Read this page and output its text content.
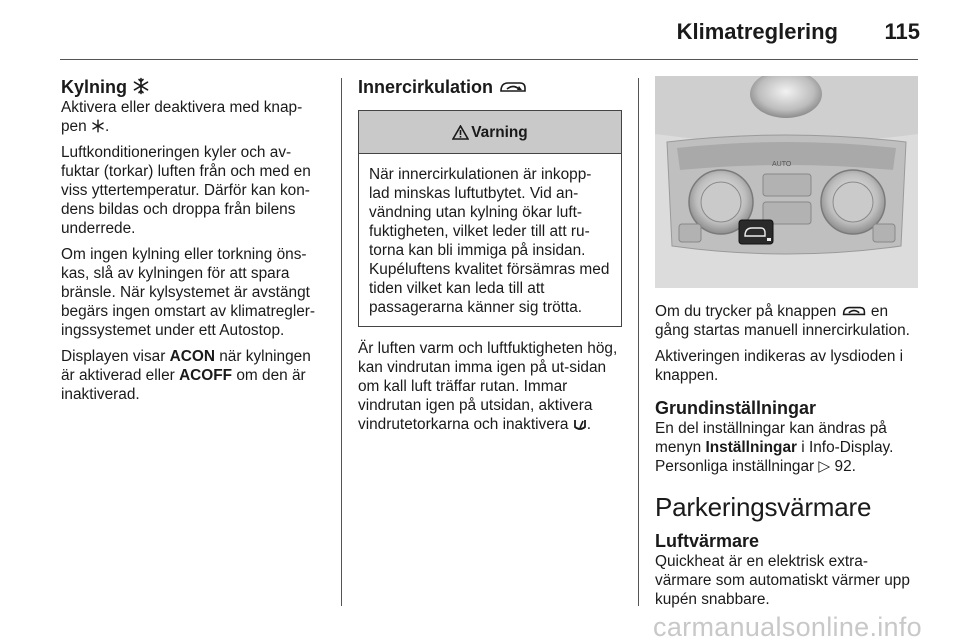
Klimatreglering 115
Kylning

Aktivera eller deaktivera med knap-
pen .

Luftkonditioneringen kyler och av-fuktar (torkar) luften från och med en viss yttertemperatur. Därför kan kon-dens bildas och droppa från bilens underrede.

Om ingen kylning eller torkning öns-kas, slå av kylningen för att spara bränsle. När kylsystemet är avstängt begärs ingen omstart av klimatregler-ingssystemet under ett Autostop.

Displayen visar ACON när kylningen är aktiverad eller ACOFF om den är inaktiverad.

Innercirkulation
Varning
När innercirkulationen är inkopp-lad minskas luftutbytet. Vid an-vändning utan kylning ökar luft-fuktigheten, vilket leder till att ru-torna kan bli immiga på insidan. Kupéluftens kvalitet försämras med tiden vilket kan leda till att passagerarna känner sig trötta.

Är luften varm och luftfuktigheten hög, kan vindrutan imma igen på ut-sidan om kall luft träffar rutan. Immar vindrutan igen på utsidan, aktivera vindrutetorkarna och inaktivera .

AUTO

Om du trycker på knappen en gång startas manuell innercirkulation.

Aktiveringen indikeras av lysdioden i knappen.

Grundinställningar

En del inställningar kan ändras på menyn Inställningar i Info-Display.
Personliga inställningar ▷ 92.

Parkeringsvärmare
Luftvärmare

Quickheat är en elektrisk extra-värmare som automatiskt värmer upp kupén snabbare.

carmanualsonline.info
